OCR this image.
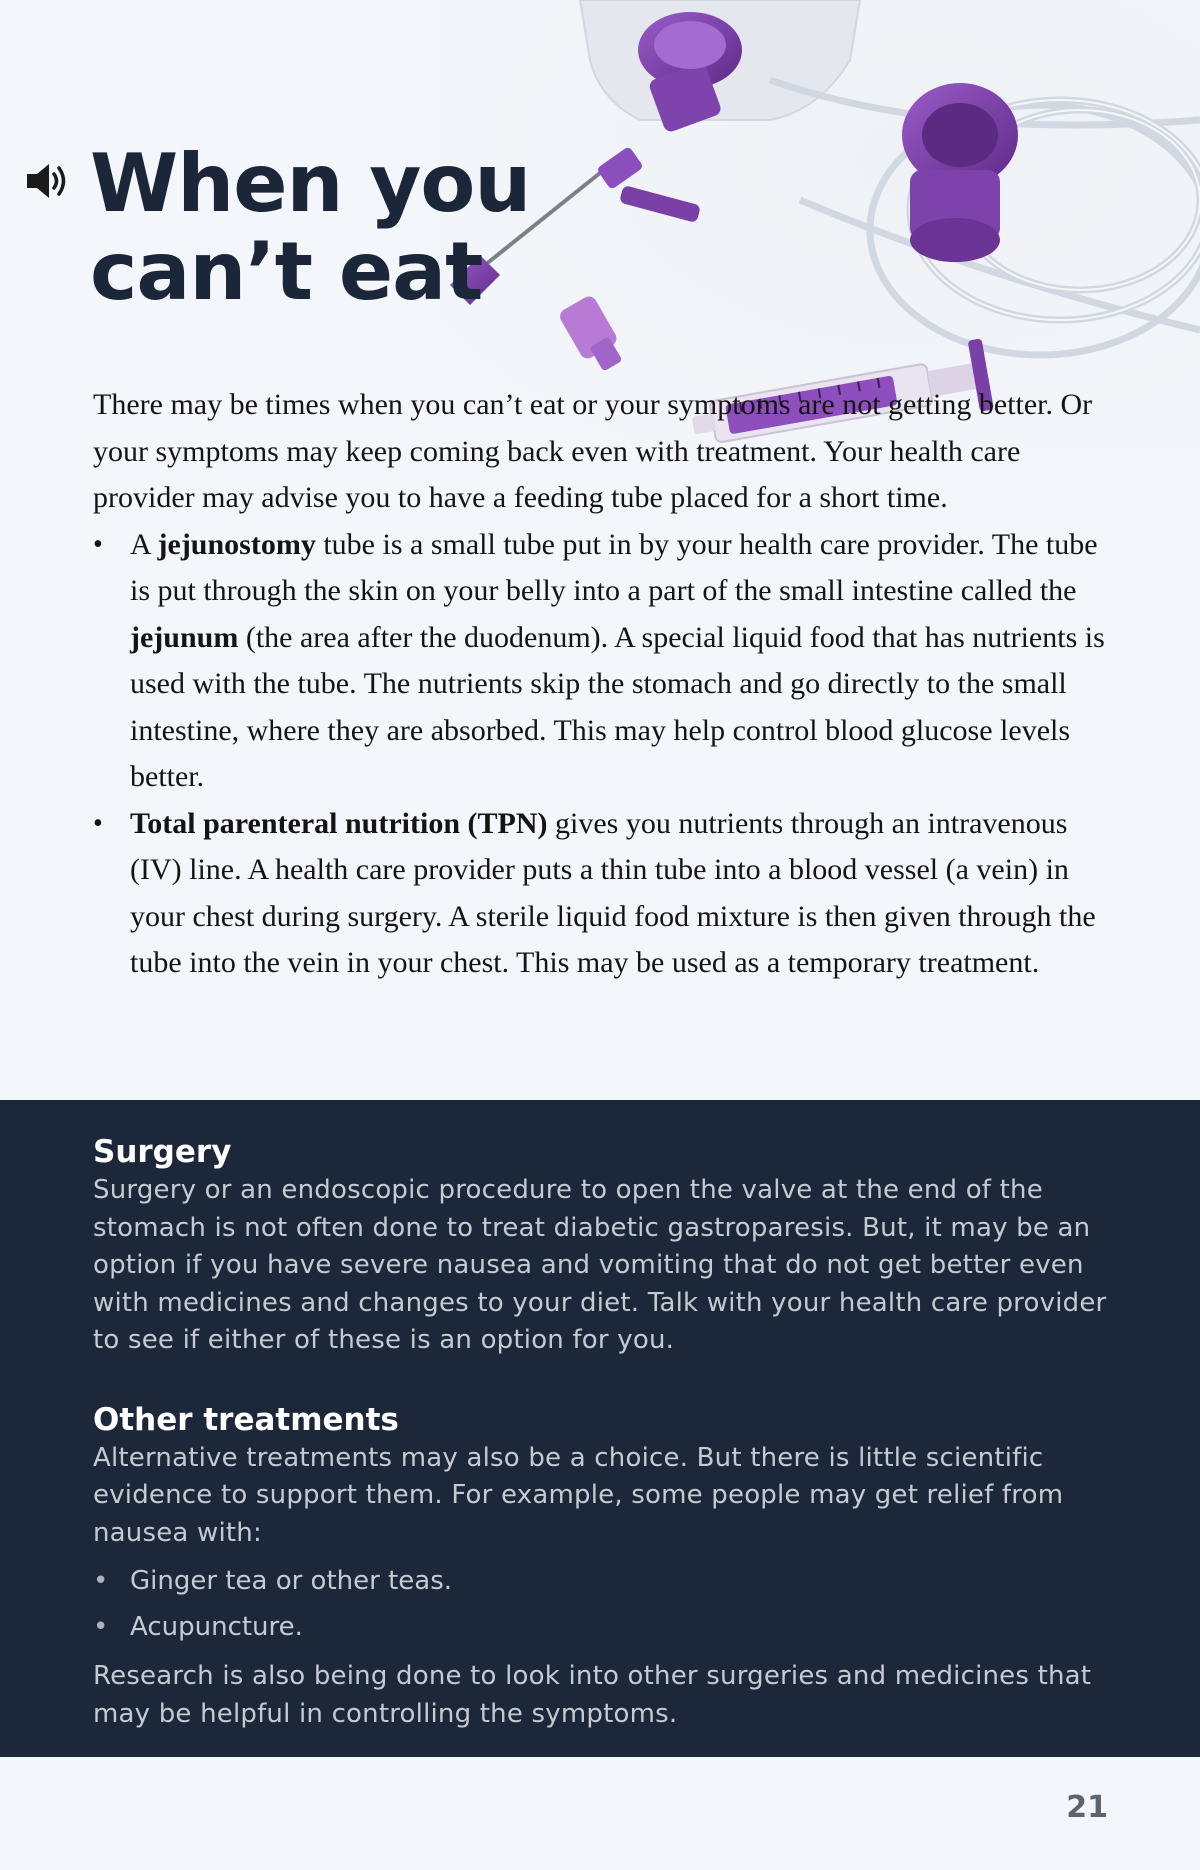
When you
can’t eat

There may be times when you can’t eat or your symptoms are not getting better. Or your symptoms may keep coming back even with treatment. Your health care provider may advise you to have a feeding tube placed for a short time.

• A jejunostomy tube is a small tube put in by your health care provider. The tube is put through the skin on your belly into a part of the small intestine called the jejunum (the area after the duodenum). A special liquid food that has nutrients is used with the tube. The nutrients skip the stomach and go directly to the small intestine, where they are absorbed. This may help control blood glucose levels better.
• Total parenteral nutrition (TPN) gives you nutrients through an intravenous (IV) line. A health care provider puts a thin tube into a blood vessel (a vein) in your chest during surgery. A sterile liquid food mixture is then given through the tube into the vein in your chest. This may be used as a temporary treatment.
Surgery

Surgery or an endoscopic procedure to open the valve at the end of the stomach is not often done to treat diabetic gastroparesis. But, it may be an option if you have severe nausea and vomiting that do not get better even with medicines and changes to your diet. Talk with your health care provider to see if either of these is an option for you.

Other treatments

Alternative treatments may also be a choice. But there is little scientific evidence to support them. For example, some people may get relief from nausea with:

• Ginger tea or other teas.
• Acupuncture.

Research is also being done to look into other surgeries and medicines that may be helpful in controlling the symptoms.

21
